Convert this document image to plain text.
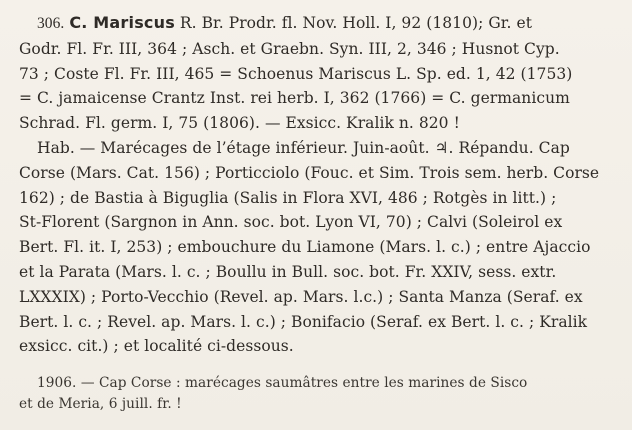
306. C. Mariscus R. Br. Prodr. fl. Nov. Holl. I, 92 (1810); Gr. et
Godr. Fl. Fr. III, 364 ; Asch. et Graebn. Syn. III, 2, 346 ; Husnot Cyp.
73 ; Coste Fl. Fr. III, 465 = Schoenus Mariscus L. Sp. ed. 1, 42 (1753)
= C. jamaicense Crantz Inst. rei herb. I, 362 (1766) = C. germanicum
Schrad. Fl. germ. I, 75 (1806). — Exsicc. Kralik n. 820 !
Hab. — Marécages de l’étage inférieur. Juin-août. ♃. Répandu. Cap
Corse (Mars. Cat. 156) ; Porticciolo (Fouc. et Sim. Trois sem. herb. Corse
162) ; de Bastia à Biguglia (Salis in Flora XVI, 486 ; Rotgès in litt.) ;
St-Florent (Sargnon in Ann. soc. bot. Lyon VI, 70) ; Calvi (Soleirol ex
Bert. Fl. it. I, 253) ; embouchure du Liamone (Mars. l. c.) ; entre Ajaccio
et la Parata (Mars. l. c. ; Boullu in Bull. soc. bot. Fr. XXIV, sess. extr.
LXXXIX) ; Porto-Vecchio (Revel. ap. Mars. l.c.) ; Santa Manza (Seraf. ex
Bert. l. c. ; Revel. ap. Mars. l. c.) ; Bonifacio (Seraf. ex Bert. l. c. ; Kralik
exsicc. cit.) ; et localité ci-dessous.
1906. — Cap Corse : marécages saumâtres entre les marines de Sisco
et de Meria, 6 juill. fr. !
